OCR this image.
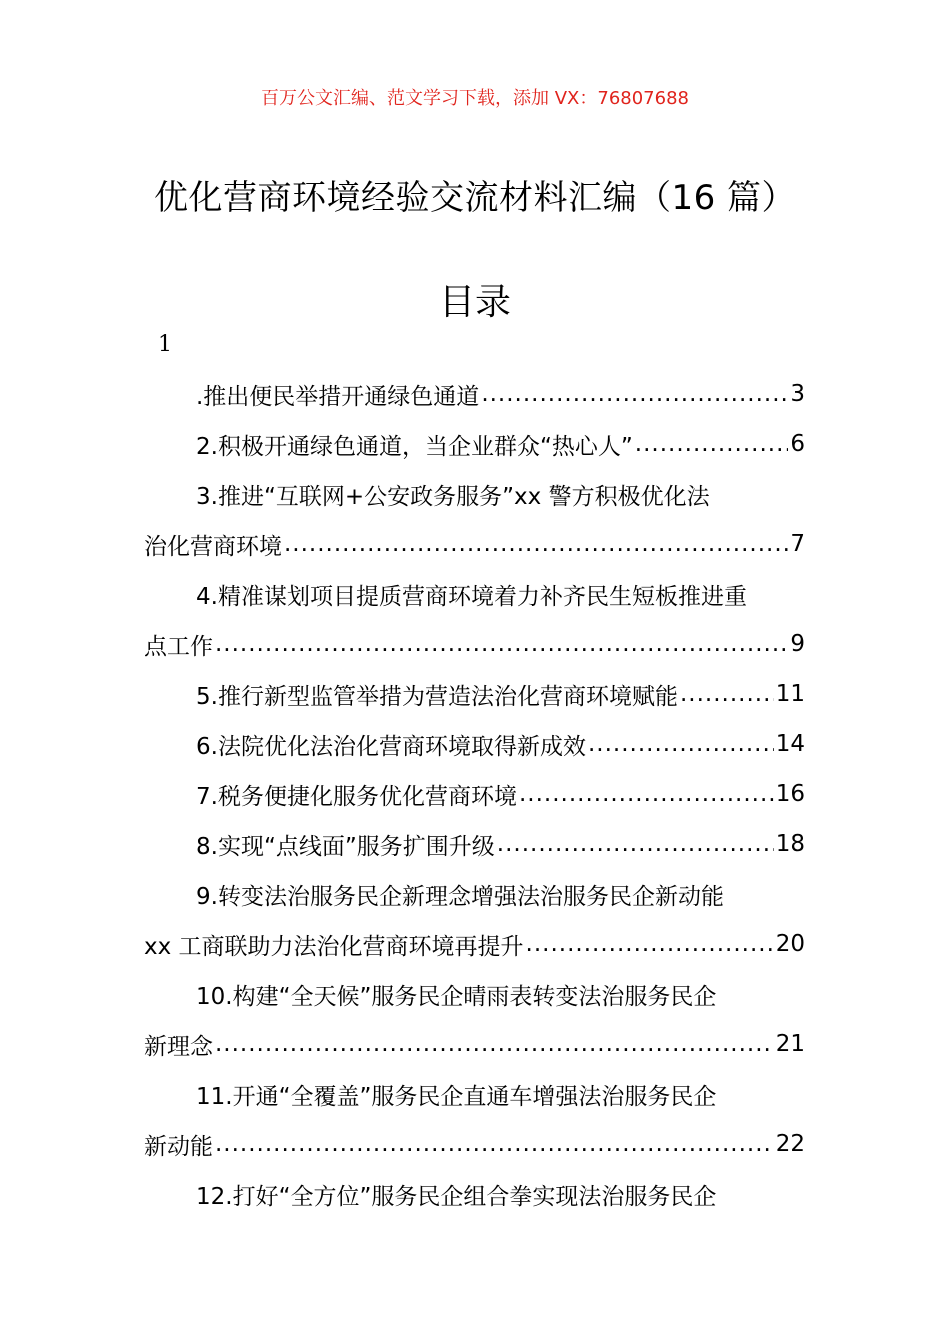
百万公文汇编、范文学习下载，添加 VX：76807688
优化营商环境经验交流材料汇编（16 篇）
目录
1
.推出便民举措开通绿色通道 .....	3
2.积极开通绿色通道，当企业群众“热心人” .....	6
3.推进“互联网+公安政务服务”xx 警方积极优化法
治化营商环境 .....	7
4.精准谋划项目提质营商环境着力补齐民生短板推进重
点工作 .....	9
5.推行新型监管举措为营造法治化营商环境赋能 .....	11
6.法院优化法治化营商环境取得新成效 .....	14
7.税务便捷化服务优化营商环境 .....	16
8.实现“点线面”服务扩围升级 .....	18
9.转变法治服务民企新理念增强法治服务民企新动能
xx 工商联助力法治化营商环境再提升 .....	20
10.构建“全天候”服务民企晴雨表转变法治服务民企
新理念 .....	21
11.开通“全覆盖”服务民企直通车增强法治服务民企
新动能 .....	22
12.打好“全方位”服务民企组合拳实现法治服务民企
